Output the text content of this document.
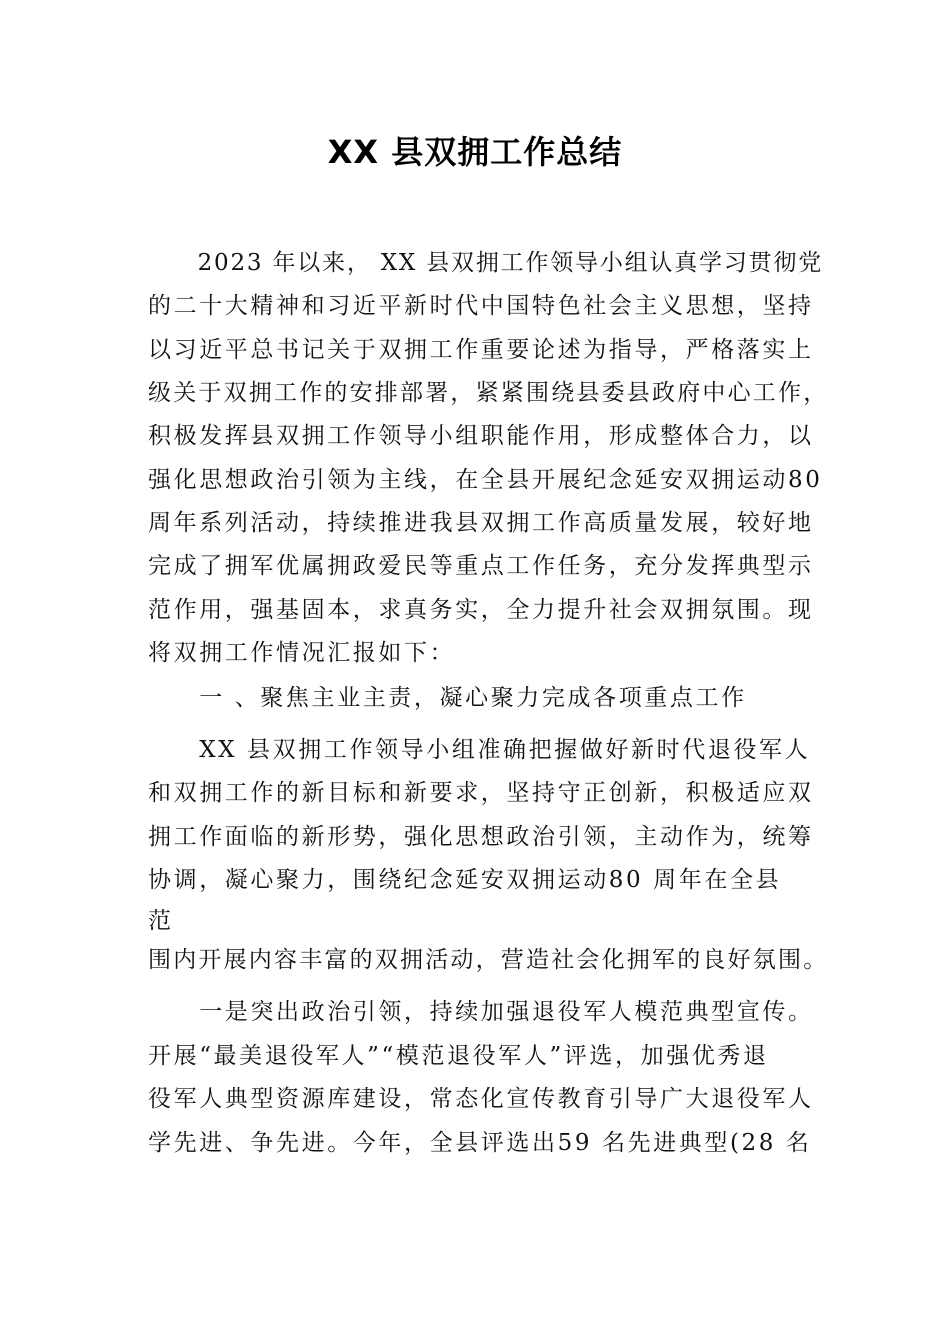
XX 县双拥工作总结
　　2023 年以来， XX 县双拥工作领导小组认真学习贯彻党
的二十大精神和习近平新时代中国特色社会主义思想，坚持
以习近平总书记关于双拥工作重要论述为指导，严格落实上
级关于双拥工作的安排部署，紧紧围绕县委县政府中心工作，
积极发挥县双拥工作领导小组职能作用，形成整体合力，以
强化思想政治引领为主线，在全县开展纪念延安双拥运动80
周年系列活动，持续推进我县双拥工作高质量发展，较好地
完成了拥军优属拥政爱民等重点工作任务，充分发挥典型示
范作用，强基固本，求真务实，全力提升社会双拥氛围。现
将双拥工作情况汇报如下：
　　一 、聚焦主业主责，凝心聚力完成各项重点工作
　　XX 县双拥工作领导小组准确把握做好新时代退役军人
和双拥工作的新目标和新要求，坚持守正创新，积极适应双
拥工作面临的新形势，强化思想政治引领，主动作为，统筹
协调，凝心聚力，围绕纪念延安双拥运动80 周年在全县
范
围内开展内容丰富的双拥活动，营造社会化拥军的良好氛围。
　　一是突出政治引领，持续加强退役军人模范典型宣传。
开展“最美退役军人”“模范退役军人”评选，加强优秀退
役军人典型资源库建设，常态化宣传教育引导广大退役军人
学先进、争先进。今年，全县评选出59 名先进典型(28 名
